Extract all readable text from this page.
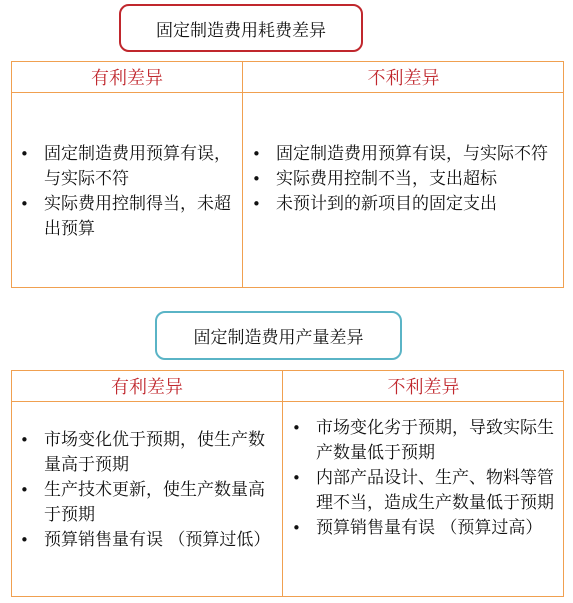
固定制造费用耗费差异
有利差异	不利差异
• 固定制造费用预算有误，与实际不符
• 实际费用控制得当，未超出预算
• 固定制造费用预算有误，与实际不符
• 实际费用控制不当，支出超标
• 未预计到的新项目的固定支出
固定制造费用产量差异
有利差异	不利差异
• 市场变化优于预期，使生产数量高于预期
• 生产技术更新，使生产数量高于预期
• 预算销售量有误 （预算过低）
• 市场变化劣于预期，导致实际生产数量低于预期
• 内部产品设计、生产、物料等管理不当，造成生产数量低于预期
• 预算销售量有误 （预算过高）
